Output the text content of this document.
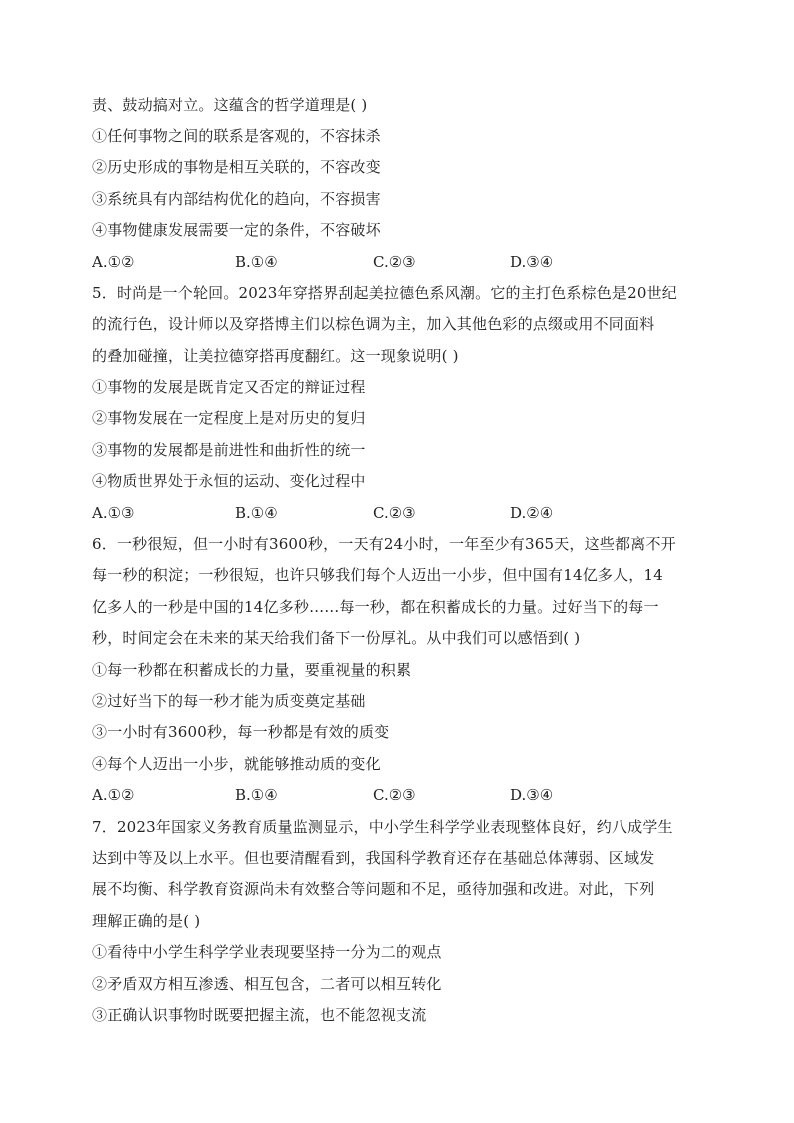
责、鼓动搞对立。这蕴含的哲学道理是( )
①任何事物之间的联系是客观的，不容抹杀
②历史形成的事物是相互关联的，不容改变
③系统具有内部结构优化的趋向，不容损害
④事物健康发展需要一定的条件，不容破坏
A.①②	B.①④	C.②③	D.③④
5．时尚是一个轮回。2023年穿搭界刮起美拉德色系风潮。它的主打色系棕色是20世纪
的流行色，设计师以及穿搭博主们以棕色调为主，加入其他色彩的点缀或用不同面料
的叠加碰撞，让美拉德穿搭再度翻红。这一现象说明( )
①事物的发展是既肯定又否定的辩证过程
②事物发展在一定程度上是对历史的复归
③事物的发展都是前进性和曲折性的统一
④物质世界处于永恒的运动、变化过程中
A.①③	B.①④	C.②③	D.②④
6．一秒很短，但一小时有3600秒，一天有24小时，一年至少有365天，这些都离不开
每一秒的积淀；一秒很短，也许只够我们每个人迈出一小步，但中国有14亿多人，14
亿多人的一秒是中国的14亿多秒……每一秒，都在积蓄成长的力量。过好当下的每一
秒，时间定会在未来的某天给我们备下一份厚礼。从中我们可以感悟到( )
①每一秒都在积蓄成长的力量，要重视量的积累
②过好当下的每一秒才能为质变奠定基础
③一小时有3600秒，每一秒都是有效的质变
④每个人迈出一小步，就能够推动质的变化
A.①②	B.①④	C.②③	D.③④
7．2023年国家义务教育质量监测显示，中小学生科学学业表现整体良好，约八成学生
达到中等及以上水平。但也要清醒看到，我国科学教育还存在基础总体薄弱、区域发
展不均衡、科学教育资源尚未有效整合等问题和不足，亟待加强和改进。对此，下列
理解正确的是( )
①看待中小学生科学学业表现要坚持一分为二的观点
②矛盾双方相互渗透、相互包含，二者可以相互转化
③正确认识事物时既要把握主流，也不能忽视支流
